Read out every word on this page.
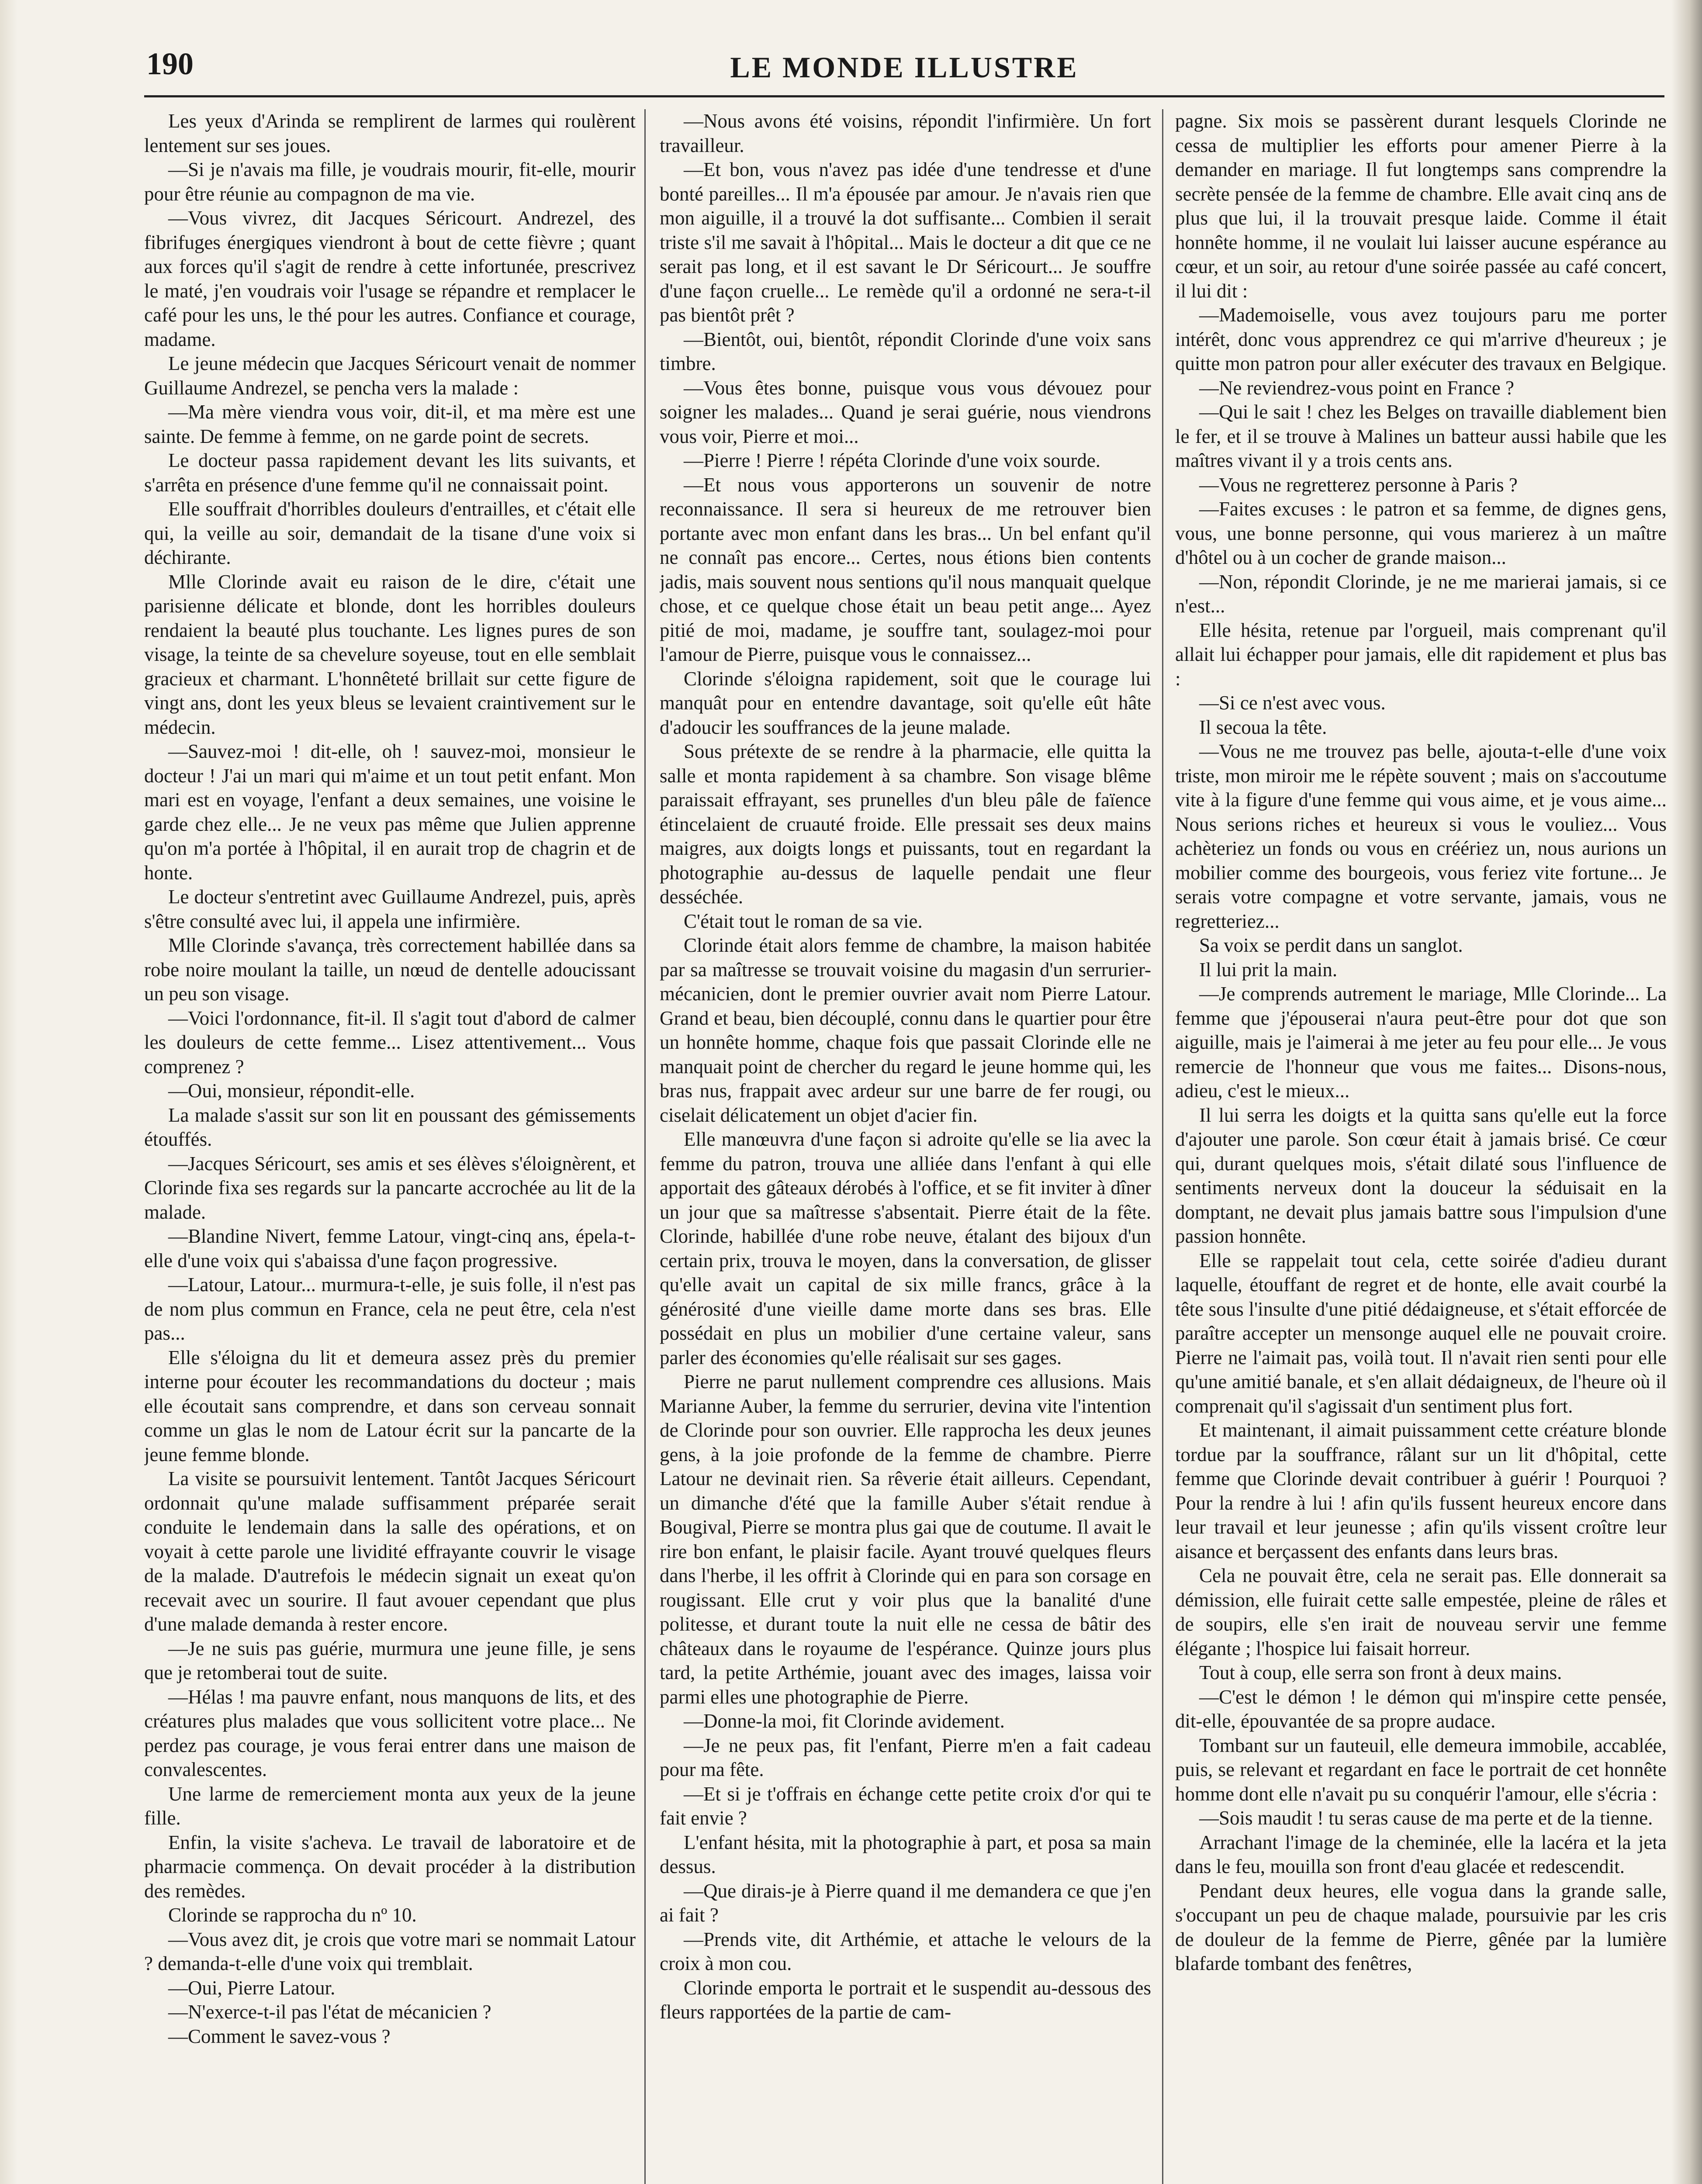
190	LE MONDE ILLUSTRE

Les yeux d'Arinda se remplirent de larmes qui roulèrent lentement sur ses joues.

—Si je n'avais ma fille, je voudrais mourir, fit-elle, mourir pour être réunie au compagnon de ma vie.

—Vous vivrez, dit Jacques Séricourt. Andrezel, des fibrifuges énergiques viendront à bout de cette fièvre ; quant aux forces qu'il s'agit de rendre à cette infortunée, prescrivez le maté, j'en voudrais voir l'usage se répandre et remplacer le café pour les uns, le thé pour les autres. Confiance et courage, madame.

Le jeune médecin que Jacques Séricourt venait de nommer Guillaume Andrezel, se pencha vers la malade :

—Ma mère viendra vous voir, dit-il, et ma mère est une sainte. De femme à femme, on ne garde point de secrets.

Le docteur passa rapidement devant les lits suivants, et s'arrêta en présence d'une femme qu'il ne connaissait point.

Elle souffrait d'horribles douleurs d'entrailles, et c'était elle qui, la veille au soir, demandait de la tisane d'une voix si déchirante.

Mlle Clorinde avait eu raison de le dire, c'était une parisienne délicate et blonde, dont les horribles douleurs rendaient la beauté plus touchante. Les lignes pures de son visage, la teinte de sa chevelure soyeuse, tout en elle semblait gracieux et charmant. L'honnêteté brillait sur cette figure de vingt ans, dont les yeux bleus se levaient craintivement sur le médecin.

—Sauvez-moi ! dit-elle, oh ! sauvez-moi, monsieur le docteur ! J'ai un mari qui m'aime et un tout petit enfant. Mon mari est en voyage, l'enfant a deux semaines, une voisine le garde chez elle... Je ne veux pas même que Julien apprenne qu'on m'a portée à l'hôpital, il en aurait trop de chagrin et de honte.

Le docteur s'entretint avec Guillaume Andrezel, puis, après s'être consulté avec lui, il appela une infirmière.

Mlle Clorinde s'avança, très correctement habillée dans sa robe noire moulant la taille, un nœud de dentelle adoucissant un peu son visage.

—Voici l'ordonnance, fit-il. Il s'agit tout d'abord de calmer les douleurs de cette femme... Lisez attentivement... Vous comprenez ?

—Oui, monsieur, répondit-elle.

La malade s'assit sur son lit en poussant des gémissements étouffés.

—Jacques Séricourt, ses amis et ses élèves s'éloignèrent, et Clorinde fixa ses regards sur la pancarte accrochée au lit de la malade.

—Blandine Nivert, femme Latour, vingt-cinq ans, épela-t-elle d'une voix qui s'abaissa d'une façon progressive.

—Latour, Latour... murmura-t-elle, je suis folle, il n'est pas de nom plus commun en France, cela ne peut être, cela n'est pas...

Elle s'éloigna du lit et demeura assez près du premier interne pour écouter les recommandations du docteur ; mais elle écoutait sans comprendre, et dans son cerveau sonnait comme un glas le nom de Latour écrit sur la pancarte de la jeune femme blonde.

La visite se poursuivit lentement. Tantôt Jacques Séricourt ordonnait qu'une malade suffisamment préparée serait conduite le lendemain dans la salle des opérations, et on voyait à cette parole une lividité effrayante couvrir le visage de la malade. D'autrefois le médecin signait un exeat qu'on recevait avec un sourire. Il faut avouer cependant que plus d'une malade demanda à rester encore.

—Je ne suis pas guérie, murmura une jeune fille, je sens que je retomberai tout de suite.

—Hélas ! ma pauvre enfant, nous manquons de lits, et des créatures plus malades que vous sollicitent votre place... Ne perdez pas courage, je vous ferai entrer dans une maison de convalescentes.

Une larme de remerciement monta aux yeux de la jeune fille.

Enfin, la visite s'acheva. Le travail de laboratoire et de pharmacie commença. On devait procéder à la distribution des remèdes.

Clorinde se rapprocha du nº 10.

—Vous avez dit, je crois que votre mari se nommait Latour ? demanda-t-elle d'une voix qui tremblait.

—Oui, Pierre Latour.

—N'exerce-t-il pas l'état de mécanicien ?

—Comment le savez-vous ?

—Nous avons été voisins, répondit l'infirmière. Un fort travailleur.

—Et bon, vous n'avez pas idée d'une tendresse et d'une bonté pareilles... Il m'a épousée par amour. Je n'avais rien que mon aiguille, il a trouvé la dot suffisante... Combien il serait triste s'il me savait à l'hôpital... Mais le docteur a dit que ce ne serait pas long, et il est savant le Dr Séricourt... Je souffre d'une façon cruelle... Le remède qu'il a ordonné ne sera-t-il pas bientôt prêt ?

—Bientôt, oui, bientôt, répondit Clorinde d'une voix sans timbre.

—Vous êtes bonne, puisque vous vous dévouez pour soigner les malades... Quand je serai guérie, nous viendrons vous voir, Pierre et moi...

—Pierre ! Pierre ! répéta Clorinde d'une voix sourde.

—Et nous vous apporterons un souvenir de notre reconnaissance. Il sera si heureux de me retrouver bien portante avec mon enfant dans les bras... Un bel enfant qu'il ne connaît pas encore... Certes, nous étions bien contents jadis, mais souvent nous sentions qu'il nous manquait quelque chose, et ce quelque chose était un beau petit ange... Ayez pitié de moi, madame, je souffre tant, soulagez-moi pour l'amour de Pierre, puisque vous le connaissez...

Clorinde s'éloigna rapidement, soit que le courage lui manquât pour en entendre davantage, soit qu'elle eût hâte d'adoucir les souffrances de la jeune malade.

Sous prétexte de se rendre à la pharmacie, elle quitta la salle et monta rapidement à sa chambre. Son visage blême paraissait effrayant, ses prunelles d'un bleu pâle de faïence étincelaient de cruauté froide. Elle pressait ses deux mains maigres, aux doigts longs et puissants, tout en regardant la photographie au-dessus de laquelle pendait une fleur desséchée.

C'était tout le roman de sa vie.

Clorinde était alors femme de chambre, la maison habitée par sa maîtresse se trouvait voisine du magasin d'un serrurier-mécanicien, dont le premier ouvrier avait nom Pierre Latour. Grand et beau, bien découplé, connu dans le quartier pour être un honnête homme, chaque fois que passait Clorinde elle ne manquait point de chercher du regard le jeune homme qui, les bras nus, frappait avec ardeur sur une barre de fer rougi, ou ciselait délicatement un objet d'acier fin.

Elle manœuvra d'une façon si adroite qu'elle se lia avec la femme du patron, trouva une alliée dans l'enfant à qui elle apportait des gâteaux dérobés à l'office, et se fit inviter à dîner un jour que sa maîtresse s'absentait. Pierre était de la fête. Clorinde, habillée d'une robe neuve, étalant des bijoux d'un certain prix, trouva le moyen, dans la conversation, de glisser qu'elle avait un capital de six mille francs, grâce à la générosité d'une vieille dame morte dans ses bras. Elle possédait en plus un mobilier d'une certaine valeur, sans parler des économies qu'elle réalisait sur ses gages.

Pierre ne parut nullement comprendre ces allusions. Mais Marianne Auber, la femme du serrurier, devina vite l'intention de Clorinde pour son ouvrier. Elle rapprocha les deux jeunes gens, à la joie profonde de la femme de chambre. Pierre Latour ne devinait rien. Sa rêverie était ailleurs. Cependant, un dimanche d'été que la famille Auber s'était rendue à Bougival, Pierre se montra plus gai que de coutume. Il avait le rire bon enfant, le plaisir facile. Ayant trouvé quelques fleurs dans l'herbe, il les offrit à Clorinde qui en para son corsage en rougissant. Elle crut y voir plus que la banalité d'une politesse, et durant toute la nuit elle ne cessa de bâtir des châteaux dans le royaume de l'espérance. Quinze jours plus tard, la petite Arthémie, jouant avec des images, laissa voir parmi elles une photographie de Pierre.

—Donne-la moi, fit Clorinde avidement.

—Je ne peux pas, fit l'enfant, Pierre m'en a fait cadeau pour ma fête.

—Et si je t'offrais en échange cette petite croix d'or qui te fait envie ?

L'enfant hésita, mit la photographie à part, et posa sa main dessus.

—Que dirais-je à Pierre quand il me demandera ce que j'en ai fait ?

—Prends vite, dit Arthémie, et attache le velours de la croix à mon cou.

Clorinde emporta le portrait et le suspendit au-dessous des fleurs rapportées de la partie de cam-

pagne. Six mois se passèrent durant lesquels Clorinde ne cessa de multiplier les efforts pour amener Pierre à la demander en mariage. Il fut longtemps sans comprendre la secrète pensée de la femme de chambre. Elle avait cinq ans de plus que lui, il la trouvait presque laide. Comme il était honnête homme, il ne voulait lui laisser aucune espérance au cœur, et un soir, au retour d'une soirée passée au café concert, il lui dit :

—Mademoiselle, vous avez toujours paru me porter intérêt, donc vous apprendrez ce qui m'arrive d'heureux ; je quitte mon patron pour aller exécuter des travaux en Belgique.

—Ne reviendrez-vous point en France ?

—Qui le sait ! chez les Belges on travaille diablement bien le fer, et il se trouve à Malines un batteur aussi habile que les maîtres vivant il y a trois cents ans.

—Vous ne regretterez personne à Paris ?

—Faites excuses : le patron et sa femme, de dignes gens, vous, une bonne personne, qui vous marierez à un maître d'hôtel ou à un cocher de grande maison...

—Non, répondit Clorinde, je ne me marierai jamais, si ce n'est...

Elle hésita, retenue par l'orgueil, mais comprenant qu'il allait lui échapper pour jamais, elle dit rapidement et plus bas :

—Si ce n'est avec vous.

Il secoua la tête.

—Vous ne me trouvez pas belle, ajouta-t-elle d'une voix triste, mon miroir me le répète souvent ; mais on s'accoutume vite à la figure d'une femme qui vous aime, et je vous aime... Nous serions riches et heureux si vous le vouliez... Vous achèteriez un fonds ou vous en créériez un, nous aurions un mobilier comme des bourgeois, vous feriez vite fortune... Je serais votre compagne et votre servante, jamais, vous ne regretteriez...

Sa voix se perdit dans un sanglot.

Il lui prit la main.

—Je comprends autrement le mariage, Mlle Clorinde... La femme que j'épouserai n'aura peut-être pour dot que son aiguille, mais je l'aimerai à me jeter au feu pour elle... Je vous remercie de l'honneur que vous me faites... Disons-nous, adieu, c'est le mieux...

Il lui serra les doigts et la quitta sans qu'elle eut la force d'ajouter une parole. Son cœur était à jamais brisé. Ce cœur qui, durant quelques mois, s'était dilaté sous l'influence de sentiments nerveux dont la douceur la séduisait en la domptant, ne devait plus jamais battre sous l'impulsion d'une passion honnête.

Elle se rappelait tout cela, cette soirée d'adieu durant laquelle, étouffant de regret et de honte, elle avait courbé la tête sous l'insulte d'une pitié dédaigneuse, et s'était efforcée de paraître accepter un mensonge auquel elle ne pouvait croire. Pierre ne l'aimait pas, voilà tout. Il n'avait rien senti pour elle qu'une amitié banale, et s'en allait dédaigneux, de l'heure où il comprenait qu'il s'agissait d'un sentiment plus fort.

Et maintenant, il aimait puissamment cette créature blonde tordue par la souffrance, râlant sur un lit d'hôpital, cette femme que Clorinde devait contribuer à guérir ! Pourquoi ? Pour la rendre à lui ! afin qu'ils fussent heureux encore dans leur travail et leur jeunesse ; afin qu'ils vissent croître leur aisance et berçassent des enfants dans leurs bras.

Cela ne pouvait être, cela ne serait pas. Elle donnerait sa démission, elle fuirait cette salle empestée, pleine de râles et de soupirs, elle s'en irait de nouveau servir une femme élégante ; l'hospice lui faisait horreur.

Tout à coup, elle serra son front à deux mains.

—C'est le démon ! le démon qui m'inspire cette pensée, dit-elle, épouvantée de sa propre audace.

Tombant sur un fauteuil, elle demeura immobile, accablée, puis, se relevant et regardant en face le portrait de cet honnête homme dont elle n'avait pu su conquérir l'amour, elle s'écria :

—Sois maudit ! tu seras cause de ma perte et de la tienne.

Arrachant l'image de la cheminée, elle la lacéra et la jeta dans le feu, mouilla son front d'eau glacée et redescendit.

Pendant deux heures, elle vogua dans la grande salle, s'occupant un peu de chaque malade, poursuivie par les cris de douleur de la femme de Pierre, gênée par la lumière blafarde tombant des fenêtres,
